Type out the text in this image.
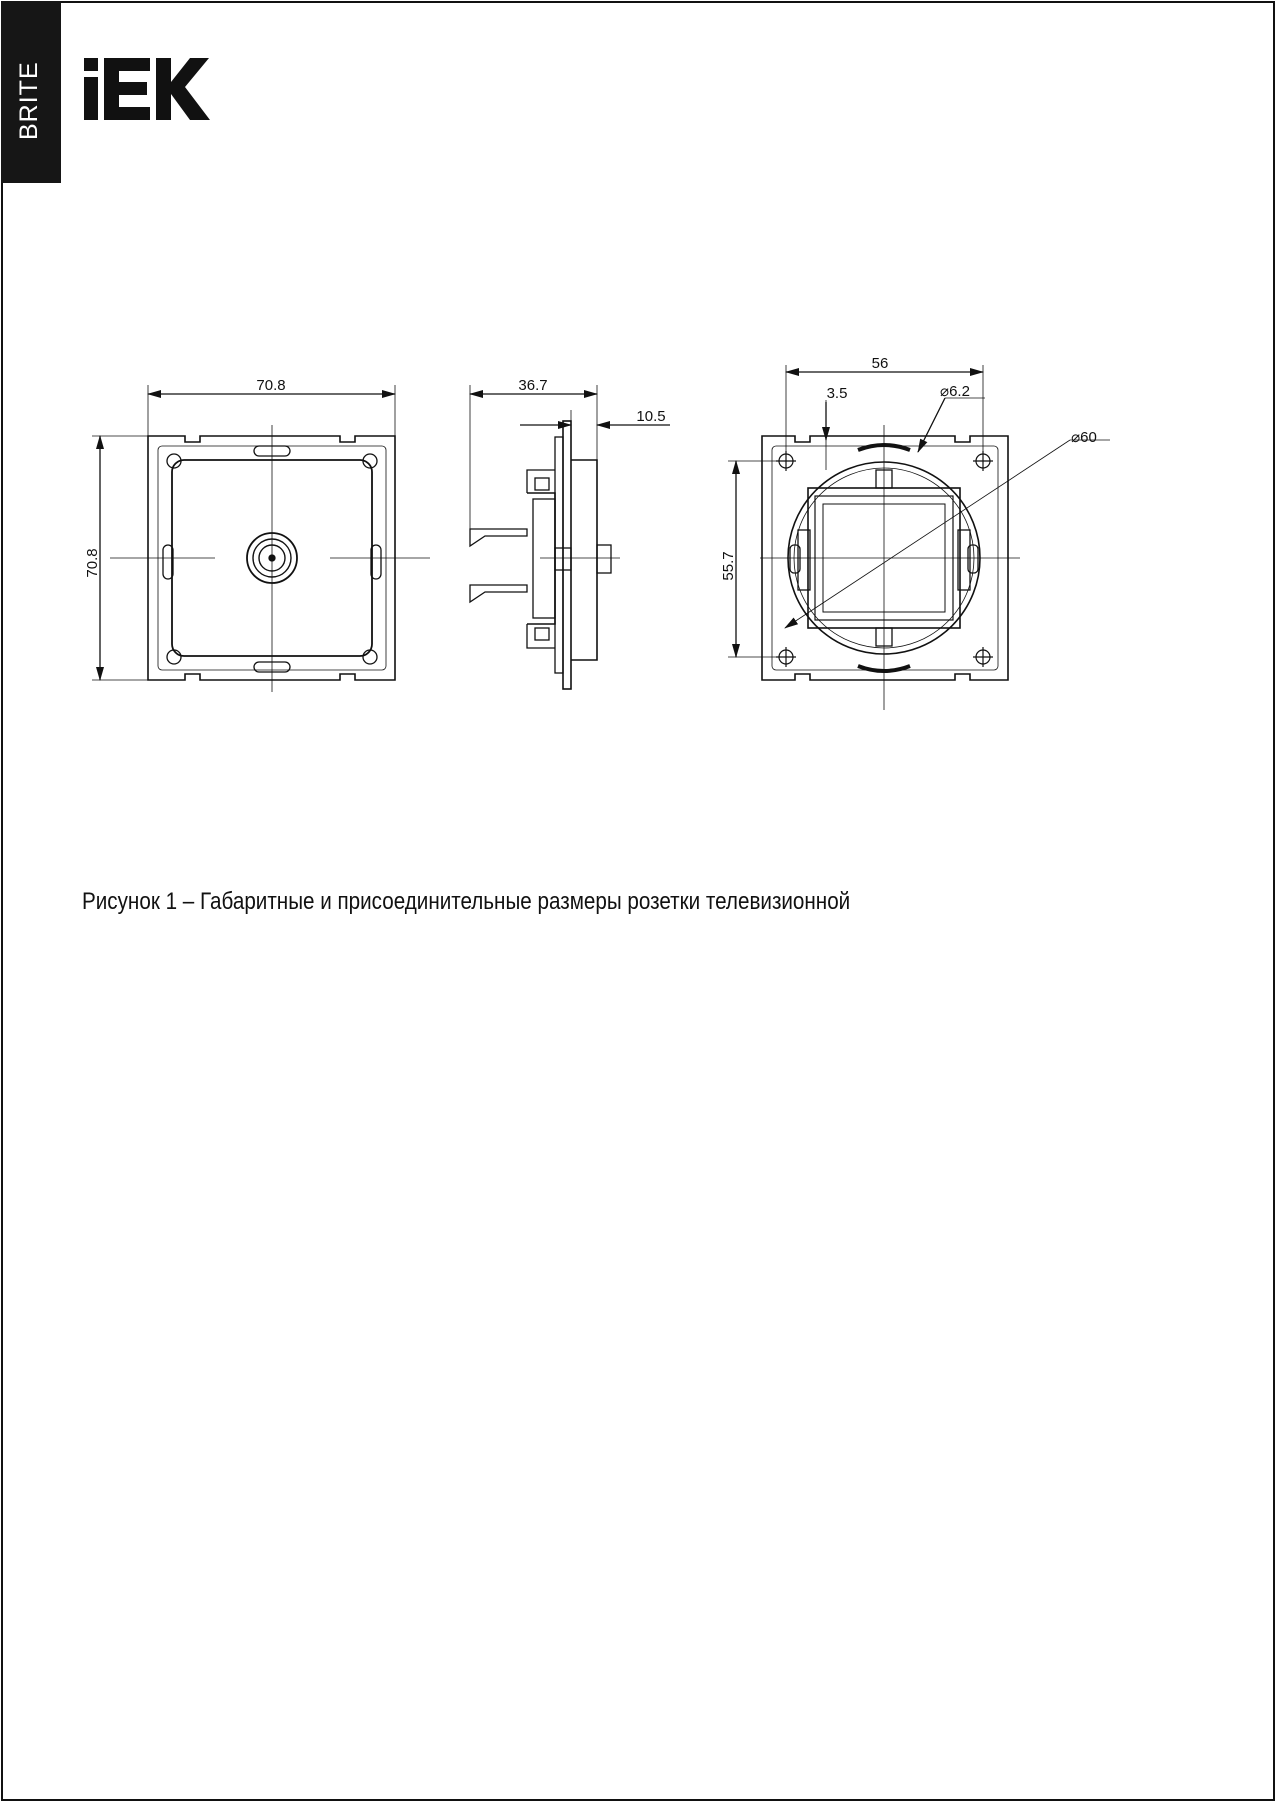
BRITE
70.8
70.8
36.7
10.5
56
3.5	⌀6.2
⌀60
55.7
Рисунок 1 – Габаритные и присоединительные размеры розетки телевизионной
